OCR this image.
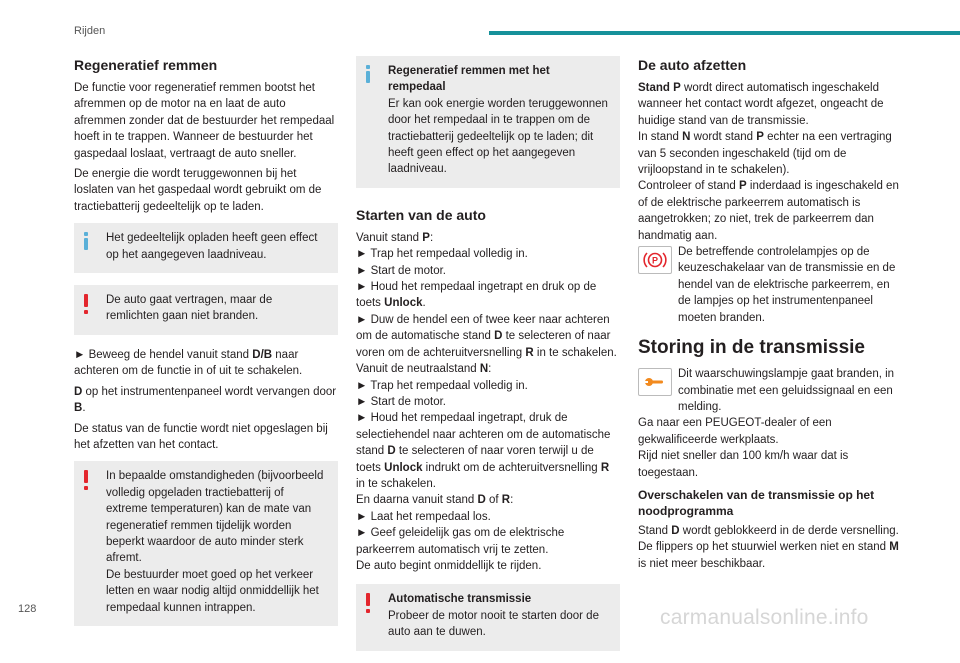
Rijden
Regeneratief remmen

De functie voor regeneratief remmen bootst het afremmen op de motor na en laat de auto afremmen zonder dat de bestuurder het rempedaal hoeft in te trappen. Wanneer de bestuurder het gaspedaal loslaat, vertraagt de auto sneller.

De energie die wordt teruggewonnen bij het loslaten van het gaspedaal wordt gebruikt om de tractiebatterij gedeeltelijk op te laden.

Het gedeeltelijk opladen heeft geen effect op het aangegeven laadniveau.

De auto gaat vertragen, maar de remlichten gaan niet branden.

► Beweeg de hendel vanuit stand D/B naar achteren om de functie in of uit te schakelen.

D op het instrumentenpaneel wordt vervangen door B.

De status van de functie wordt niet opgeslagen bij het afzetten van het contact.

In bepaalde omstandigheden (bijvoorbeeld volledig opgeladen tractiebatterij of extreme temperaturen) kan de mate van regeneratief remmen tijdelijk worden beperkt waardoor de auto minder sterk afremt.

De bestuurder moet goed op het verkeer letten en waar nodig altijd onmiddellijk het rempedaal kunnen intrappen.

Regeneratief remmen met het rempedaal

Er kan ook energie worden teruggewonnen door het rempedaal in te trappen om de tractiebatterij gedeeltelijk op te laden; dit heeft geen effect op het aangegeven laadniveau.

Starten van de auto
Vanuit stand P:
► Trap het rempedaal volledig in.
► Start de motor.
► Houd het rempedaal ingetrapt en druk op de toets Unlock.
► Duw de hendel een of twee keer naar achteren om de automatische stand D te selecteren of naar voren om de achteruitversnelling R in te schakelen.
Vanuit de neutraalstand N:
► Trap het rempedaal volledig in.
► Start de motor.
► Houd het rempedaal ingetrapt, druk de selectiehendel naar achteren om de automatische stand D te selecteren of naar voren terwijl u de toets Unlock indrukt om de achteruitversnelling R in te schakelen.
En daarna vanuit stand D of R:
► Laat het rempedaal los.
► Geef geleidelijk gas om de elektrische parkeerrem automatisch vrij te zetten.
De auto begint onmiddellijk te rijden.

Automatische transmissie

Probeer de motor nooit te starten door de auto aan te duwen.

De auto afzetten
Stand P wordt direct automatisch ingeschakeld wanneer het contact wordt afgezet, ongeacht de huidige stand van de transmissie.
In stand N wordt stand P echter na een vertraging van 5 seconden ingeschakeld (tijd om de vrijloopstand in te schakelen).
Controleer of stand P inderdaad is ingeschakeld en of de elektrische parkeerrem automatisch is aangetrokken; zo niet, trek de parkeerrem dan handmatig aan.
P

De betreffende controlelampjes op de keuzeschakelaar van de transmissie en de hendel van de elektrische parkeerrem, en de lampjes op het instrumentenpaneel moeten branden.

Storing in de transmissie

Dit waarschuwingslampje gaat branden, in combinatie met een geluidssignaal en een melding.

Ga naar een PEUGEOT-dealer of een gekwalificeerde werkplaats.
Rijd niet sneller dan 100 km/h waar dat is toegestaan.
Overschakelen van de transmissie op het noodprogramma
Stand D wordt geblokkeerd in de derde versnelling.
De flippers op het stuurwiel werken niet en stand M is niet meer beschikbaar.
128	carmanualsonline.info
